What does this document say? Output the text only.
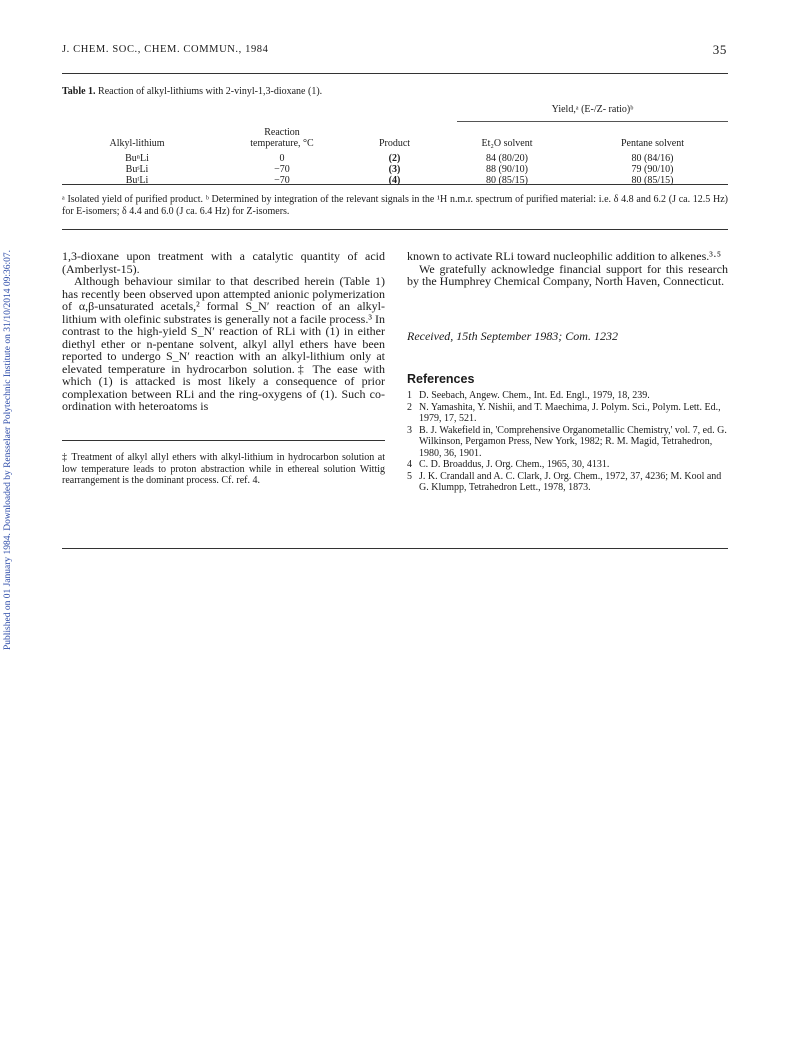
J. CHEM. SOC., CHEM. COMMUN., 1984	35
Table 1. Reaction of alkyl-lithiums with 2-vinyl-1,3-dioxane (1).

			Yield,ᵃ (E-/Z- ratio)ᵇ	

	Reaction			
Alkyl-lithium	temperature, °C	Product	Et₂O solvent	Pentane solvent

BuⁿLi	0	(2)	84 (80/20)	80 (84/16)
BuˢLi	−70	(3)	88 (90/10)	79 (90/10)
BuᵗLi	−70	(4)	80 (85/15)	80 (85/15)
ᵃ Isolated yield of purified product. ᵇ Determined by integration of the relevant signals in the ¹H n.m.r. spectrum of purified material: i.e. δ 4.8 and 6.2 (J ca. 12.5 Hz) for E-isomers; δ 4.4 and 6.0 (J ca. 6.4 Hz) for Z-isomers.

1,3-dioxane upon treatment with a catalytic quantity of acid (Amberlyst-15).

Although behaviour similar to that described herein (Table 1) has recently been observed upon attempted anionic polymerization of α,β-unsaturated acetals,² formal S_N′ reaction of an alkyl-lithium with olefinic substrates is generally not a facile process.³ In contrast to the high-yield S_N′ reaction of RLi with (1) in either diethyl ether or n-pentane solvent, alkyl allyl ethers have been reported to undergo S_N′ reaction with an alkyl-lithium only at elevated temperature in hydrocarbon solution.‡ The ease with which (1) is attacked is most likely a consequence of prior complexation between RLi and the ring-oxygens of (1). Such co-ordination with heteroatoms is

‡ Treatment of alkyl allyl ethers with alkyl-lithium in hydrocarbon solution at low temperature leads to proton abstraction while in ethereal solution Wittig rearrangement is the dominant process. Cf. ref. 4.

known to activate RLi toward nucleophilic addition to alkenes.³·⁵

We gratefully acknowledge financial support for this research by the Humphrey Chemical Company, North Haven, Connecticut.

Received, 15th September 1983; Com. 1232
References
1 D. Seebach, Angew. Chem., Int. Ed. Engl., 1979, 18, 239.
2 N. Yamashita, Y. Nishii, and T. Maechima, J. Polym. Sci., Polym. Lett. Ed., 1979, 17, 521.
3 B. J. Wakefield in, 'Comprehensive Organometallic Chemistry,' vol. 7, ed. G. Wilkinson, Pergamon Press, New York, 1982; R. M. Magid, Tetrahedron, 1980, 36, 1901.
4 C. D. Broaddus, J. Org. Chem., 1965, 30, 4131.
5 J. K. Crandall and A. C. Clark, J. Org. Chem., 1972, 37, 4236; M. Kool and G. Klumpp, Tetrahedron Lett., 1978, 1873.
Published on 01 January 1984. Downloaded by Rensselaer Polytechnic Institute on 31/10/2014 09:36:07.
